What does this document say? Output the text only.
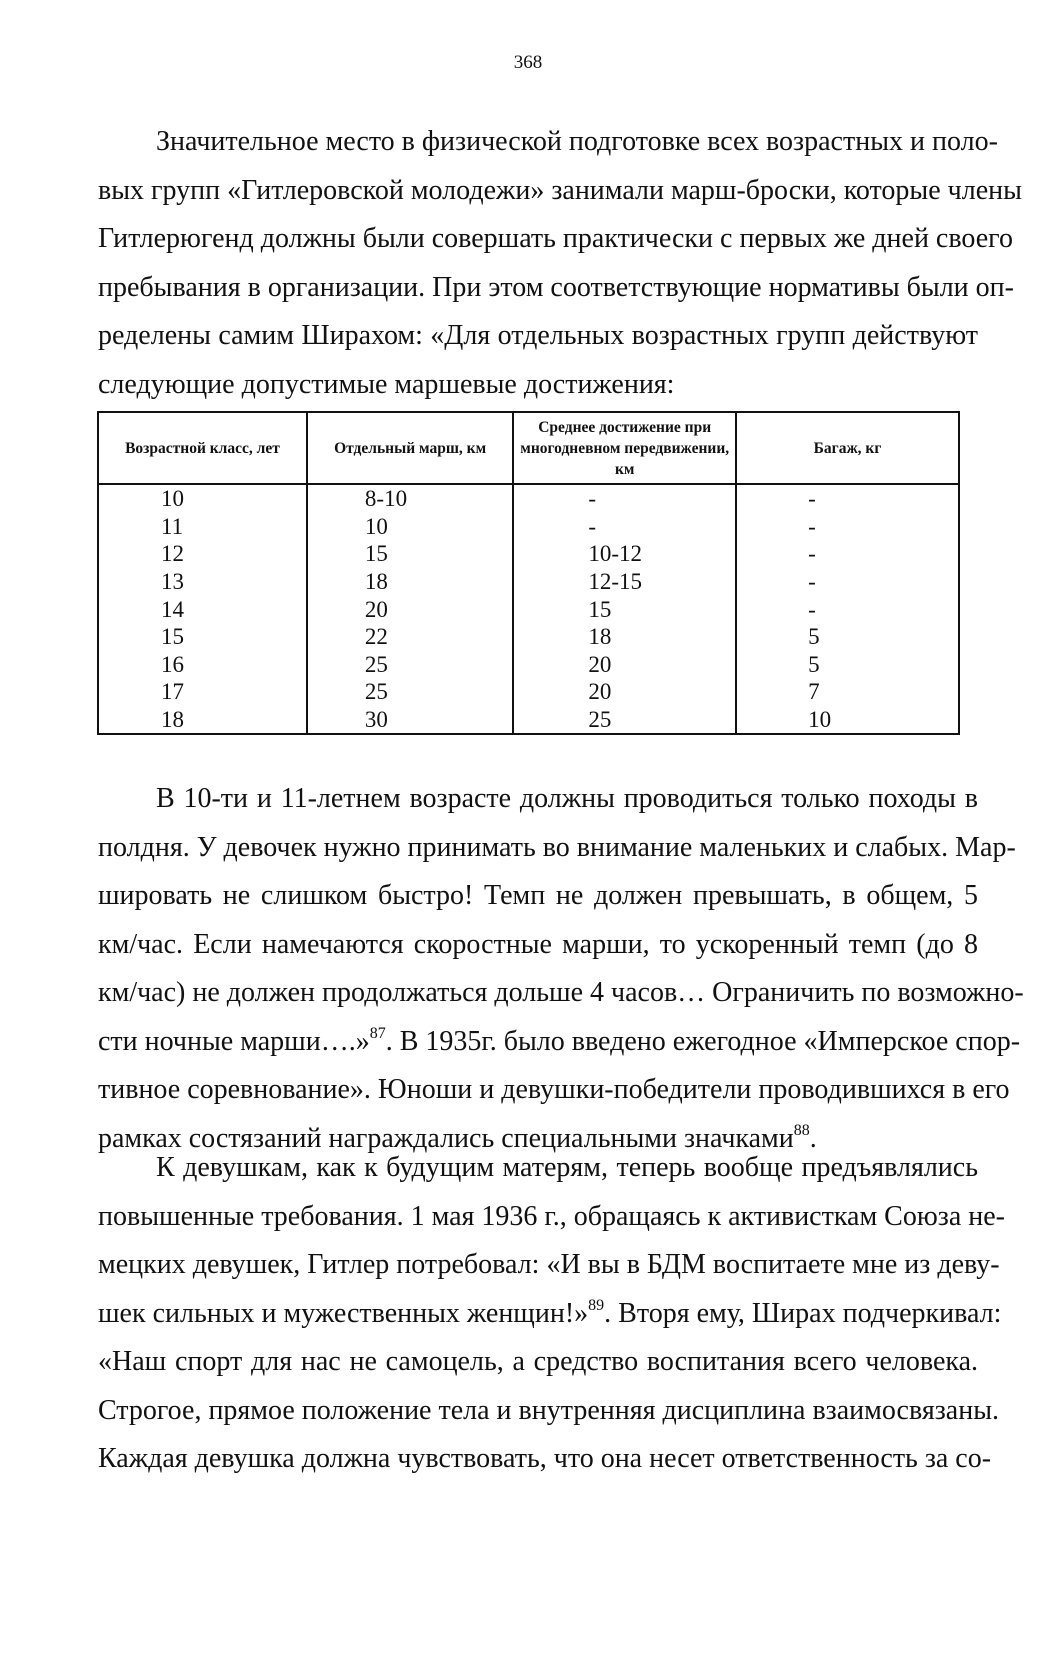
368
Значительное место в физической подготовке всех возрастных и поло-
вых групп «Гитлеровской молодежи» занимали марш-броски, которые члены
Гитлерюгенд должны были совершать практически с первых же дней своего
пребывания в организации. При этом соответствующие нормативы были оп-
ределены самим Ширахом: «Для отдельных возрастных групп действуют
следующие допустимые маршевые достижения:
Возрастной класс, лет	Отдельный марш, км	Среднее достижение при многодневном передвижении, км	Багаж, кг
10	8-10	-	-
11	10	-	-
12	15	10-12	-
13	18	12-15	-
14	20	15	-
15	22	18	5
16	25	20	5
17	25	20	7
18	30	25	10
В 10-ти и 11-летнем возрасте должны проводиться только походы в
полдня. У девочек нужно принимать во внимание маленьких и слабых. Мар-
шировать не слишком быстро! Темп не должен превышать, в общем, 5
км/час. Если намечаются скоростные марши, то ускоренный темп (до 8
км/час) не должен продолжаться дольше 4 часов… Ограничить по возможно-
сти ночные марши….»$^{87}$. В 1935г. было введено ежегодное «Имперское спор-
тивное соревнование». Юноши и девушки-победители проводившихся в его
рамках состязаний награждались специальными значками$^{88}$.
К девушкам, как к будущим матерям, теперь вообще предъявлялись
повышенные требования. 1 мая 1936 г., обращаясь к активисткам Союза не-
мецких девушек, Гитлер потребовал: «И вы в БДМ воспитаете мне из деву-
шек сильных и мужественных женщин!»$^{89}$. Вторя ему, Ширах подчеркивал:
«Наш спорт для нас не самоцель, а средство воспитания всего человека.
Строгое, прямое положение тела и внутренняя дисциплина взаимосвязаны.
Каждая девушка должна чувствовать, что она несет ответственность за со-
